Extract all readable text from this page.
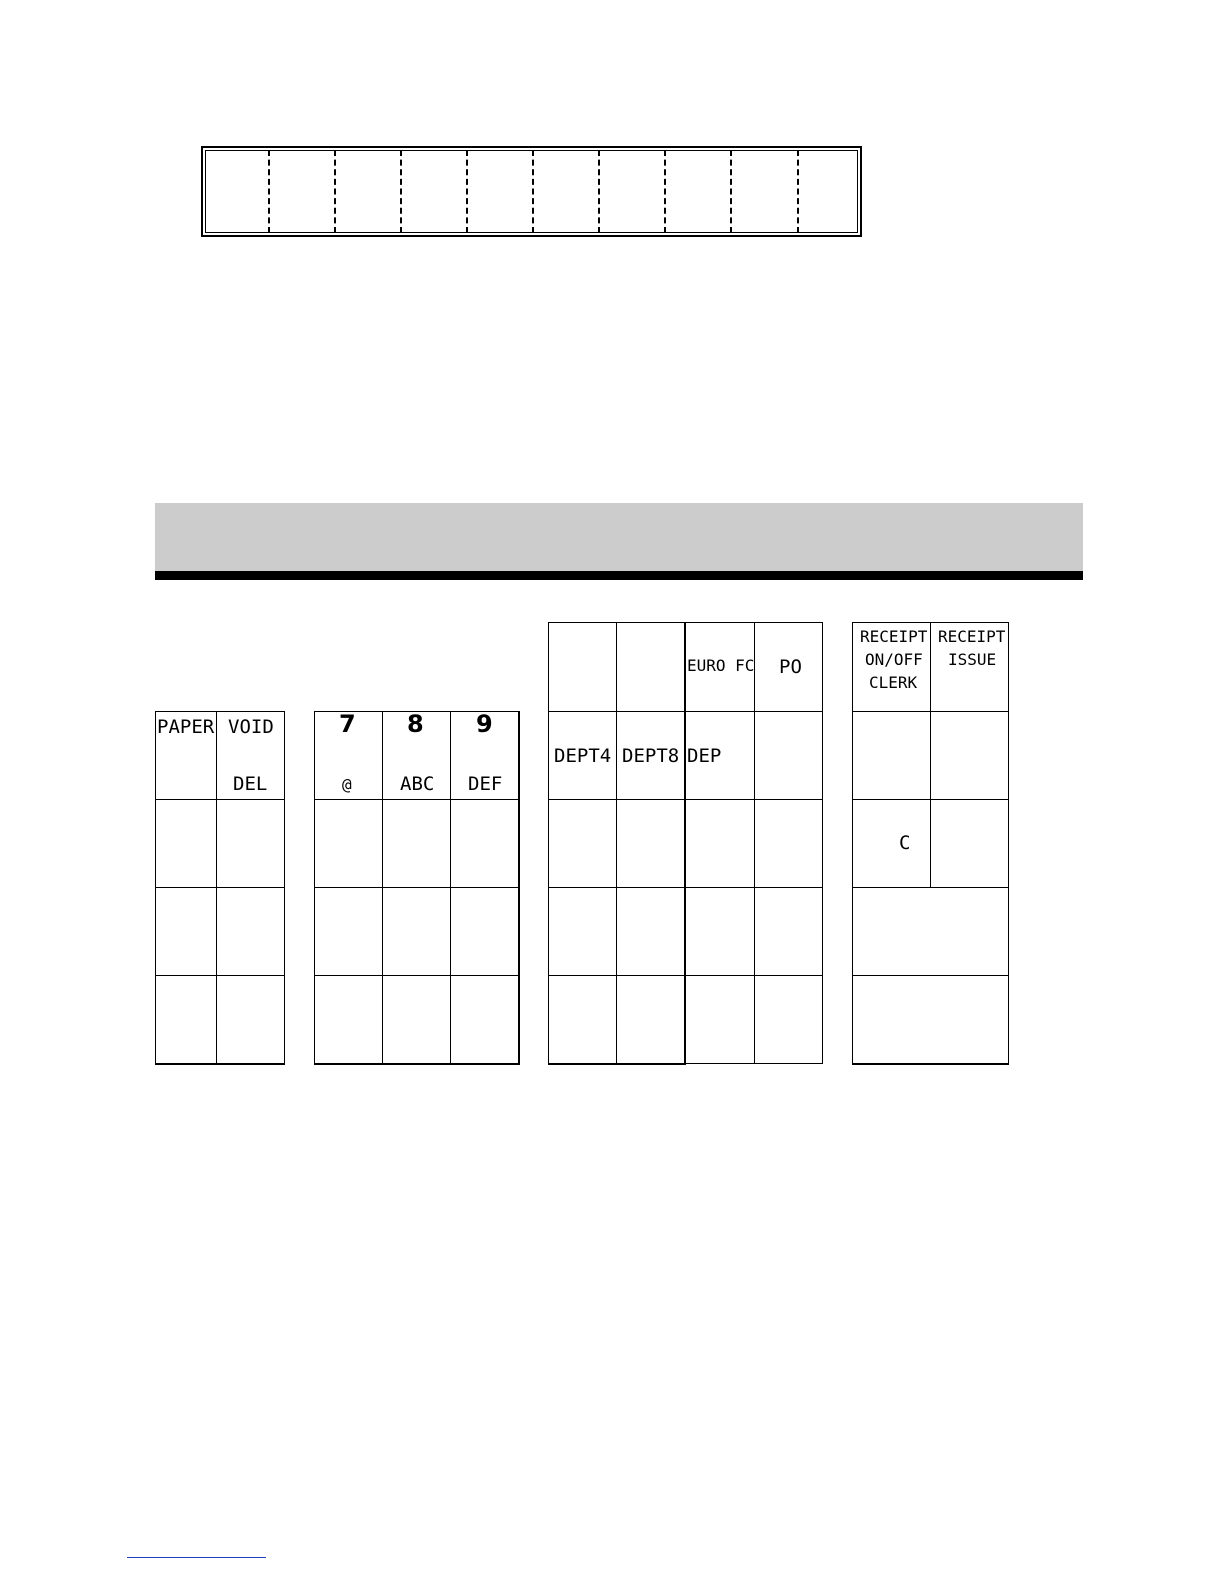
PAPER VOID
DEL
7
@
8
ABC
9
DEF
EURO FC PO
DEPT4 DEPT8 DEP
RECEIPT
ON/OFF
CLERK
RECEIPT
ISSUE
C
